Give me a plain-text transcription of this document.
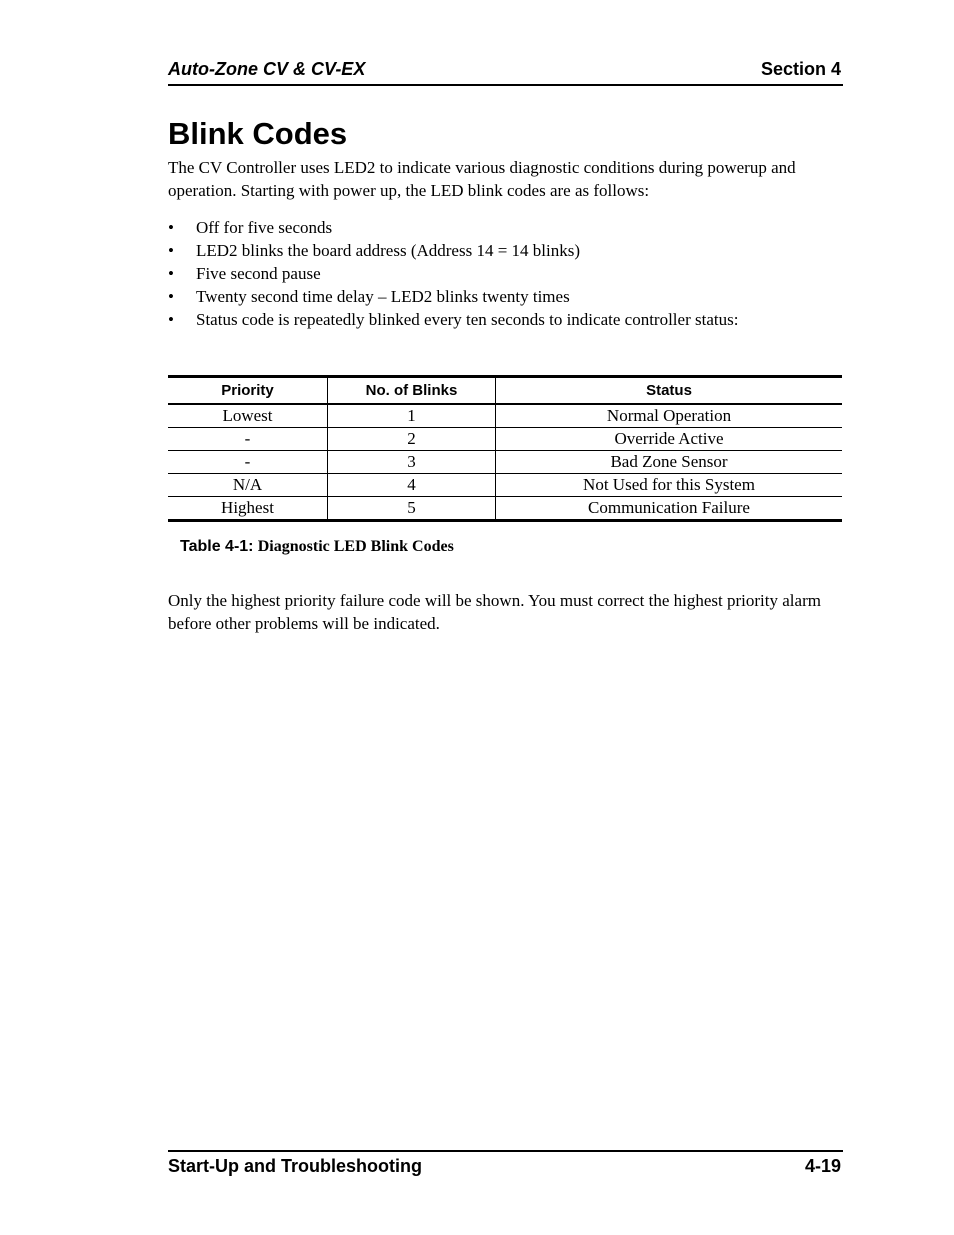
Auto-Zone CV & CV-EX	Section 4
Blink Codes

The CV Controller uses LED2 to indicate various diagnostic conditions during powerup and operation. Starting with power up, the LED blink codes are as follows:

•	Off for five seconds
•	LED2 blinks the board address (Address 14 = 14 blinks)
•	Five second pause
•	Twenty second time delay – LED2 blinks twenty times
•	Status code is repeatedly blinked every ten seconds to indicate controller status:
Priority	No. of Blinks	Status
Lowest	1	Normal Operation
-	2	Override Active
-	3	Bad Zone Sensor
N/A	4	Not Used for this System
Highest	5	Communication Failure
Table 4-1: Diagnostic LED Blink Codes

Only the highest priority failure code will be shown. You must correct the highest priority alarm before other problems will be indicated.

Start-Up and Troubleshooting	4-19
